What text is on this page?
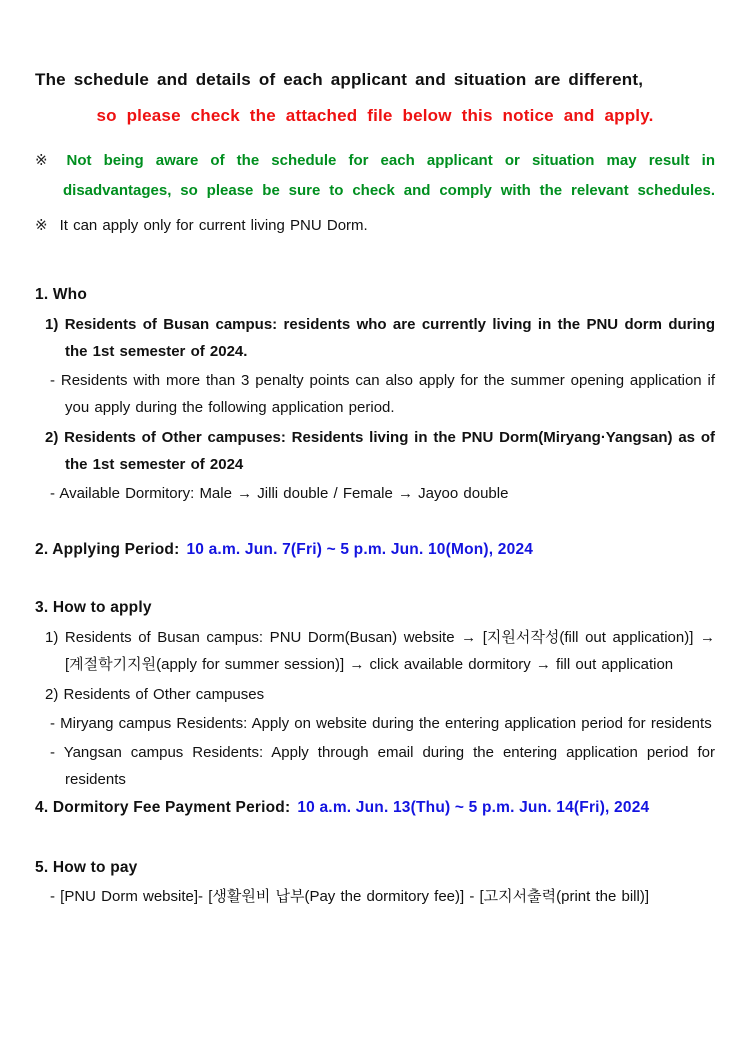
The schedule and details of each applicant and situation are different,
so please check the attached file below this notice and apply.

※ Not being aware of the schedule for each applicant or situation may result in disadvantages, so please be sure to check and comply with the relevant schedules.

※ It can apply only for current living PNU Dorm.

1. Who

1) Residents of Busan campus: residents who are currently living in the PNU dorm during the 1st semester of 2024.

- Residents with more than 3 penalty points can also apply for the summer opening application if you apply during the following application period.

2) Residents of Other campuses: Residents living in the PNU Dorm(Miryang·Yangsan) as of the 1st semester of 2024

- Available Dormitory: Male → Jilli double / Female → Jayoo double

2. Applying Period: 10 a.m. Jun. 7(Fri) ~ 5 p.m. Jun. 10(Mon), 2024
3. How to apply

1) Residents of Busan campus: PNU Dorm(Busan) website → [지원서작성(fill out application)] → [계절학기지원(apply for summer session)] → click available dormitory → fill out application

2) Residents of Other campuses

- Miryang campus Residents: Apply on website during the entering application period for residents

- Yangsan campus Residents: Apply through email during the entering application period for residents

4. Dormitory Fee Payment Period: 10 a.m. Jun. 13(Thu) ~ 5 p.m. Jun. 14(Fri), 2024
5. How to pay

- [PNU Dorm website]- [생활원비 납부(Pay the dormitory fee)] - [고지서출력(print the bill)]
